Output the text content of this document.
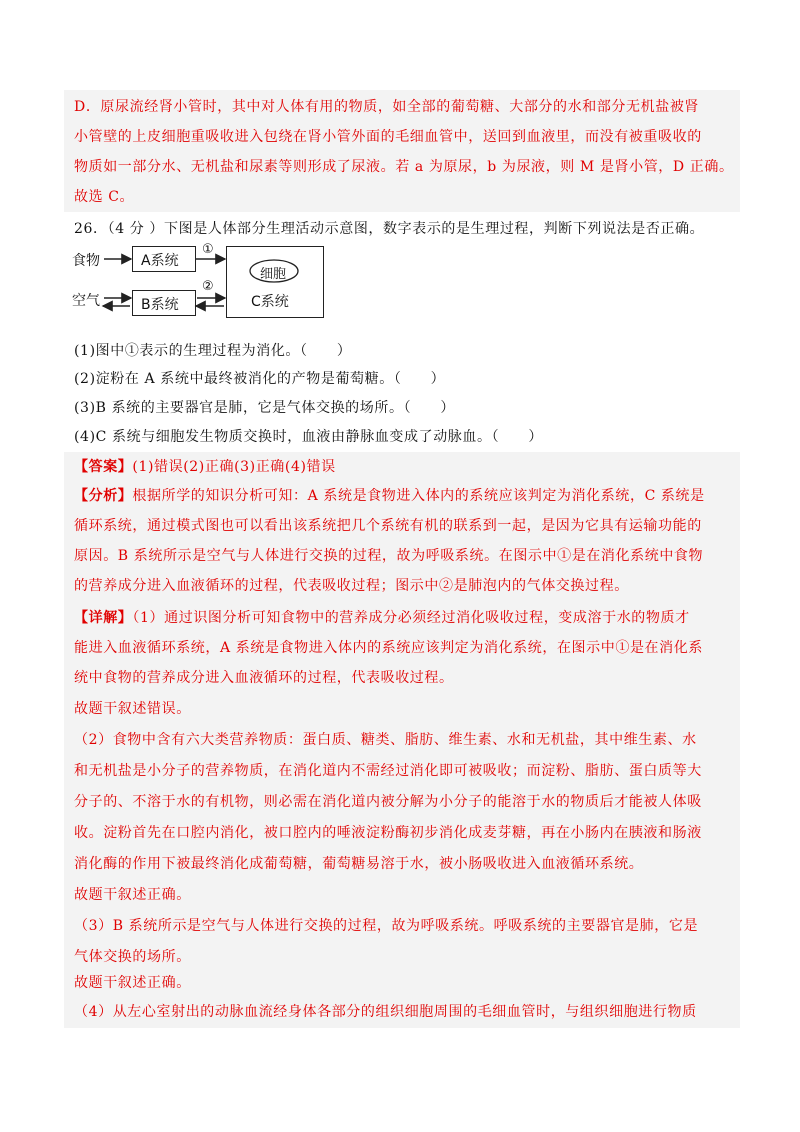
D．原尿流经肾小管时，其中对人体有用的物质，如全部的葡萄糖、大部分的水和部分无机盐被肾
小管壁的上皮细胞重吸收进入包绕在肾小管外面的毛细血管中，送回到血液里，而没有被重吸收的
物质如一部分水、无机盐和尿素等则形成了尿液。若 a 为原尿，b 为尿液，则 M 是肾小管，D 正确。
故选 C。
26．（4 分 ）下图是人体部分生理活动示意图，数字表示的是生理过程，判断下列说法是否正确。
食物
空气
A系统
B系统	C系统
①
②
细胞
(1)图中①表示的生理过程为消化。（　　）
(2)淀粉在 A 系统中最终被消化的产物是葡萄糖。（　　）
(3)B 系统的主要器官是肺，它是气体交换的场所。（　　）
(4)C 系统与细胞发生物质交换时，血液由静脉血变成了动脉血。（　　）
【答案】(1)错误(2)正确(3)正确(4)错误
【分析】根据所学的知识分析可知：A 系统是食物进入体内的系统应该判定为消化系统，C 系统是
循环系统，通过模式图也可以看出该系统把几个系统有机的联系到一起，是因为它具有运输功能的
原因。B 系统所示是空气与人体进行交换的过程，故为呼吸系统。在图示中①是在消化系统中食物
的营养成分进入血液循环的过程，代表吸收过程；图示中②是肺泡内的气体交换过程。
【详解】（1）通过识图分析可知食物中的营养成分必须经过消化吸收过程，变成溶于水的物质才
能进入血液循环系统，A 系统是食物进入体内的系统应该判定为消化系统，在图示中①是在消化系
统中食物的营养成分进入血液循环的过程，代表吸收过程。
故题干叙述错误。
（2）食物中含有六大类营养物质：蛋白质、糖类、脂肪、维生素、水和无机盐，其中维生素、水
和无机盐是小分子的营养物质，在消化道内不需经过消化即可被吸收；而淀粉、脂肪、蛋白质等大
分子的、不溶于水的有机物，则必需在消化道内被分解为小分子的能溶于水的物质后才能被人体吸
收。淀粉首先在口腔内消化，被口腔内的唾液淀粉酶初步消化成麦芽糖，再在小肠内在胰液和肠液
消化酶的作用下被最终消化成葡萄糖，葡萄糖易溶于水，被小肠吸收进入血液循环系统。
故题干叙述正确。
（3）B 系统所示是空气与人体进行交换的过程，故为呼吸系统。呼吸系统的主要器官是肺，它是
气体交换的场所。
故题干叙述正确。
（4）从左心室射出的动脉血流经身体各部分的组织细胞周围的毛细血管时，与组织细胞进行物质
